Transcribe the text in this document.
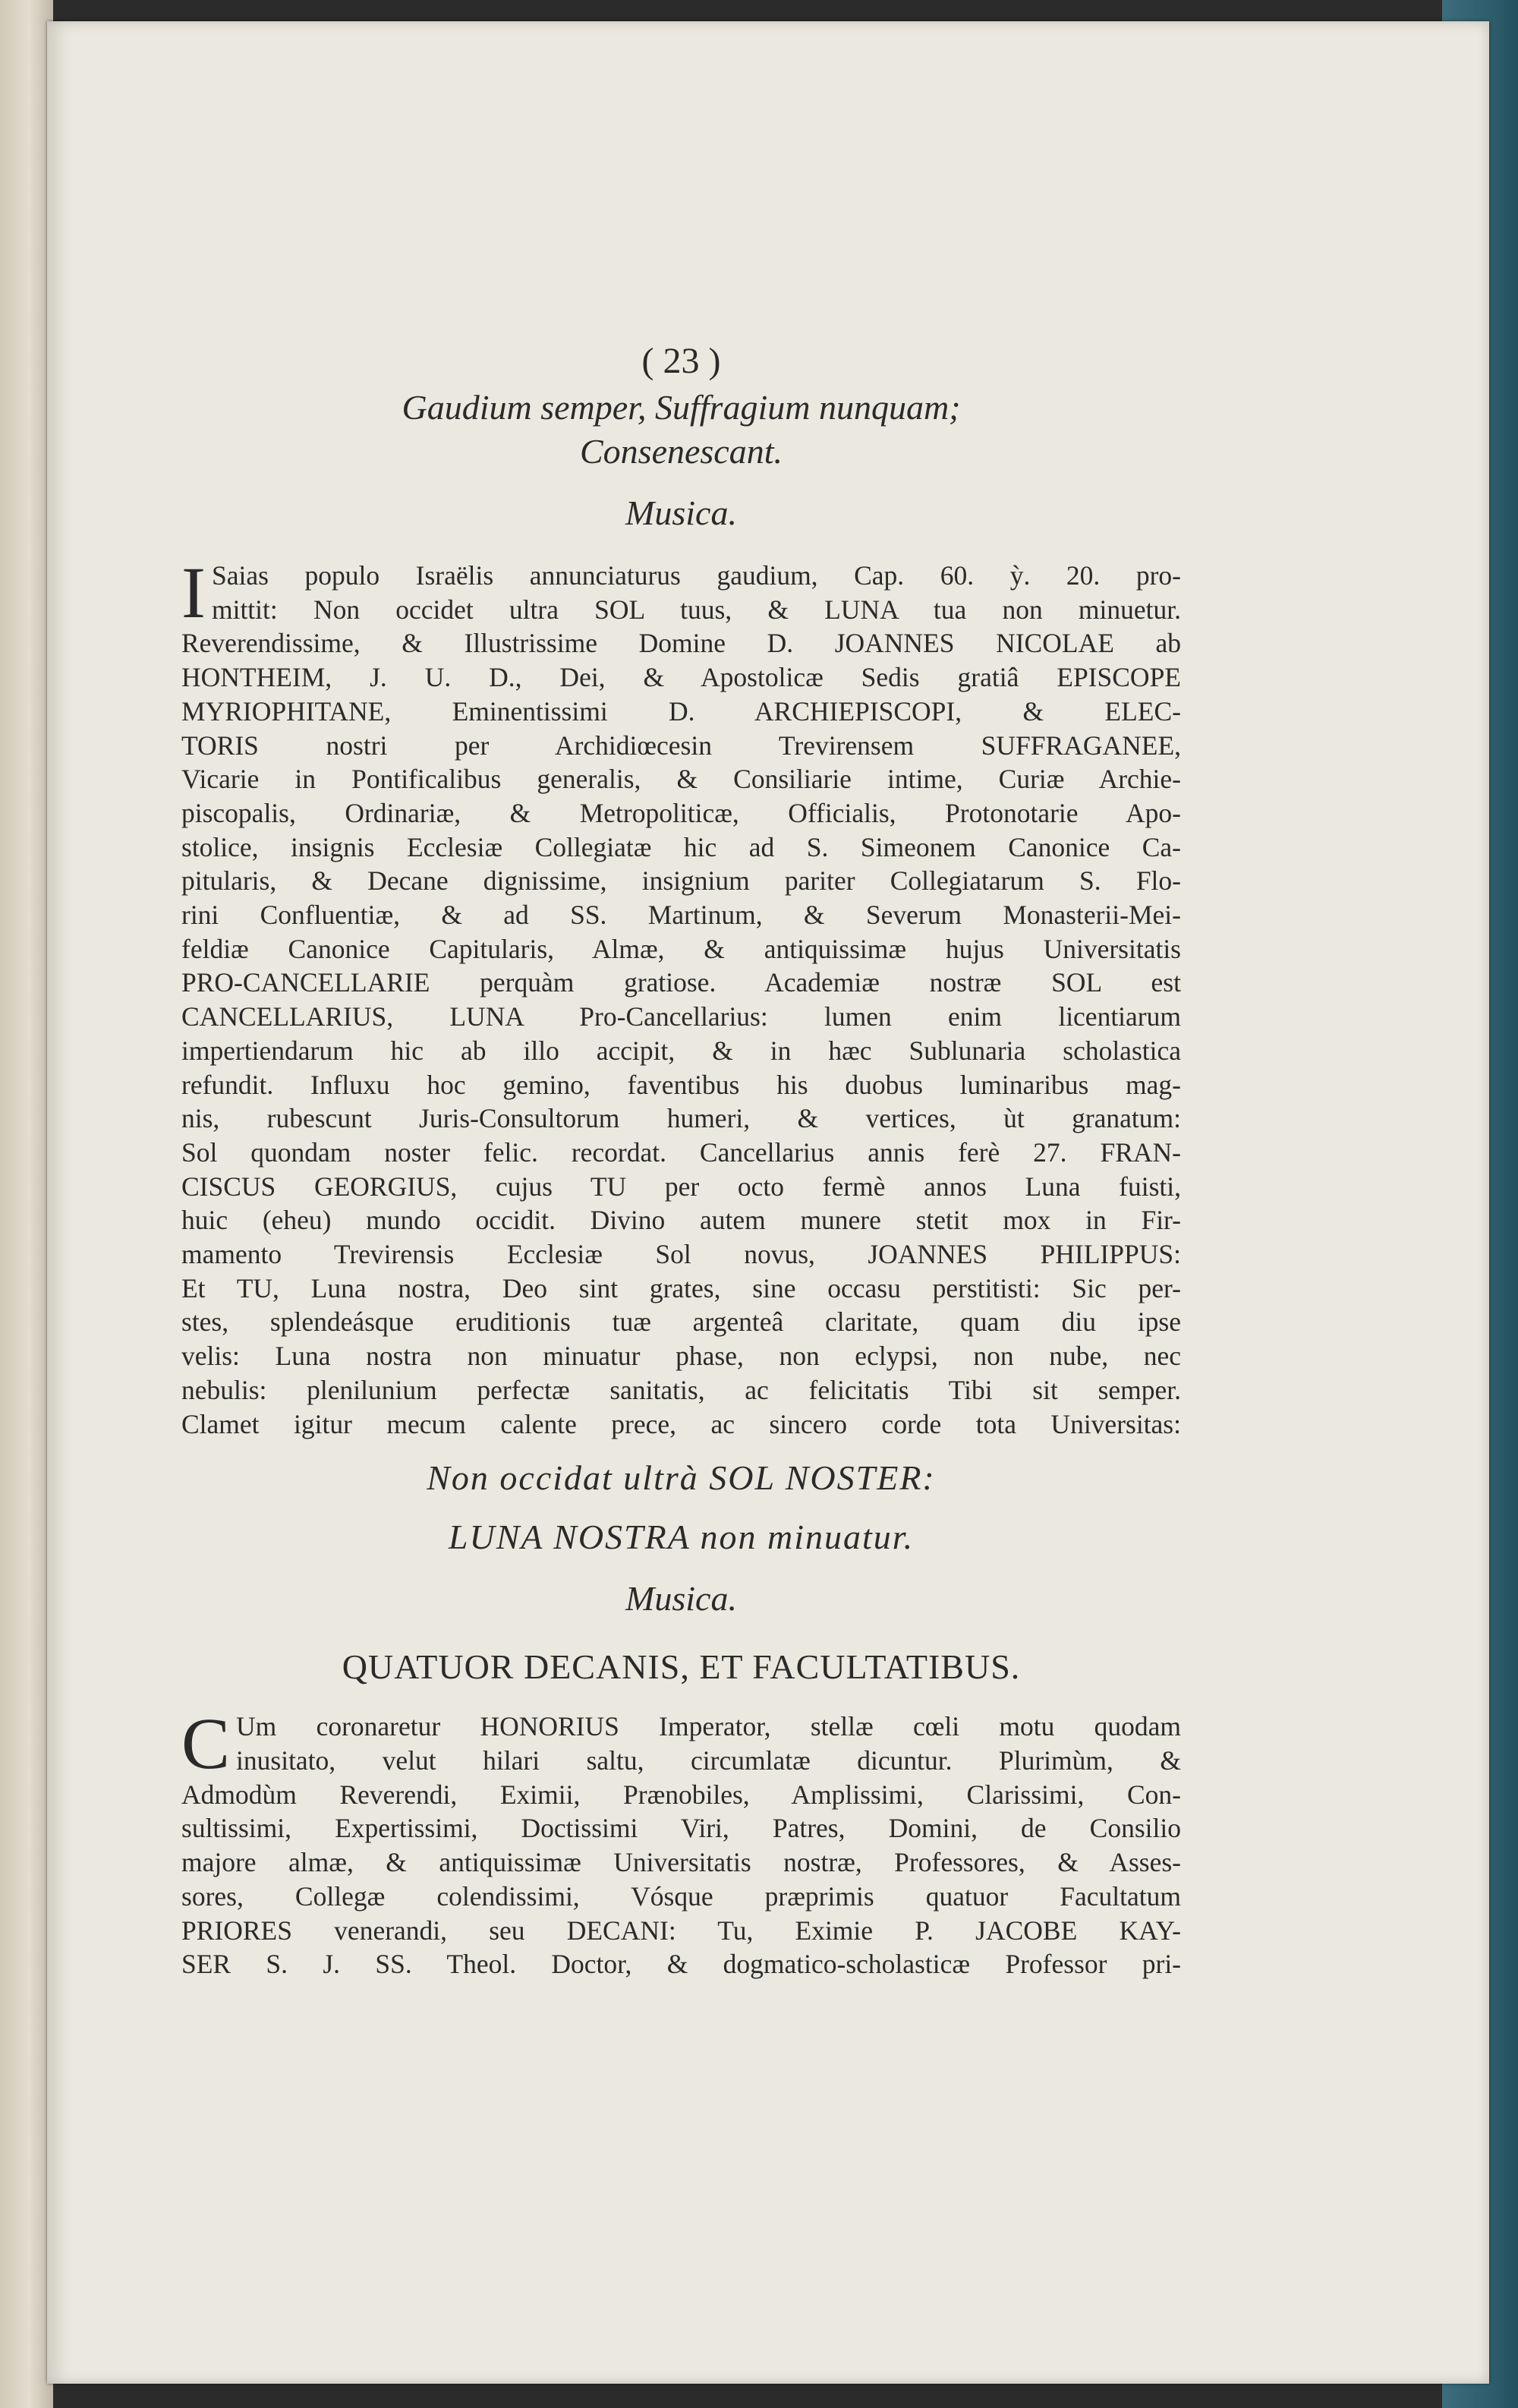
( 23 )
Gaudium semper, Suffragium nunquam;
Consenescant.
Musica.
I Saias populo Israëlis annunciaturus gaudium, Cap. 60. ỳ. 20. pro-
mittit: Non occidet ultra SOL tuus, & LUNA tua non minuetur.
Reverendissime, & Illustrissime Domine D. JOANNES NICOLAE ab
HONTHEIM, J. U. D., Dei, & Apostolicæ Sedis gratiâ EPISCOPE
MYRIOPHITANE, Eminentissimi D. ARCHIEPISCOPI, & ELEC-
TORIS nostri per Archidiœcesin Trevirensem SUFFRAGANEE,
Vicarie in Pontificalibus generalis, & Consiliarie intime, Curiæ Archie-
piscopalis, Ordinariæ, & Metropoliticæ, Officialis, Protonotarie Apo-
stolice, insignis Ecclesiæ Collegiatæ hic ad S. Simeonem Canonice Ca-
pitularis, & Decane dignissime, insignium pariter Collegiatarum S. Flo-
rini Confluentiæ, & ad SS. Martinum, & Severum Monasterii-Mei-
feldiæ Canonice Capitularis, Almæ, & antiquissimæ hujus Universitatis
PRO-CANCELLARIE perquàm gratiose. Academiæ nostræ SOL est
CANCELLARIUS, LUNA Pro-Cancellarius: lumen enim licentiarum
impertiendarum hic ab illo accipit, & in hæc Sublunaria scholastica
refundit. Influxu hoc gemino, faventibus his duobus luminaribus mag-
nis, rubescunt Juris-Consultorum humeri, & vertices, ùt granatum:
Sol quondam noster felic. recordat. Cancellarius annis ferè 27. FRAN-
CISCUS GEORGIUS, cujus TU per octo fermè annos Luna fuisti,
huic (eheu) mundo occidit. Divino autem munere stetit mox in Fir-
mamento Trevirensis Ecclesiæ Sol novus, JOANNES PHILIPPUS:
Et TU, Luna nostra, Deo sint grates, sine occasu perstitisti: Sic per-
stes, splendeásque eruditionis tuæ argenteâ claritate, quam diu ipse
velis: Luna nostra non minuatur phase, non eclypsi, non nube, nec
nebulis: plenilunium perfectæ sanitatis, ac felicitatis Tibi sit semper.
Clamet igitur mecum calente prece, ac sincero corde tota Universitas:
Non occidat ultrà SOL NOSTER:
LUNA NOSTRA non minuatur.
Musica.
QUATUOR DECANIS, ET FACULTATIBUS.
C Um coronaretur HONORIUS Imperator, stellæ cœli motu quodam
inusitato, velut hilari saltu, circumlatæ dicuntur. Plurimùm, &
Admodùm Reverendi, Eximii, Prænobiles, Amplissimi, Clarissimi, Con-
sultissimi, Expertissimi, Doctissimi Viri, Patres, Domini, de Consilio
majore almæ, & antiquissimæ Universitatis nostræ, Professores, & Asses-
sores, Collegæ colendissimi, Vósque præprimis quatuor Facultatum
PRIORES venerandi, seu DECANI: Tu, Eximie P. JACOBE KAY-
SER S. J. SS. Theol. Doctor, & dogmatico-scholasticæ Professor pri-
